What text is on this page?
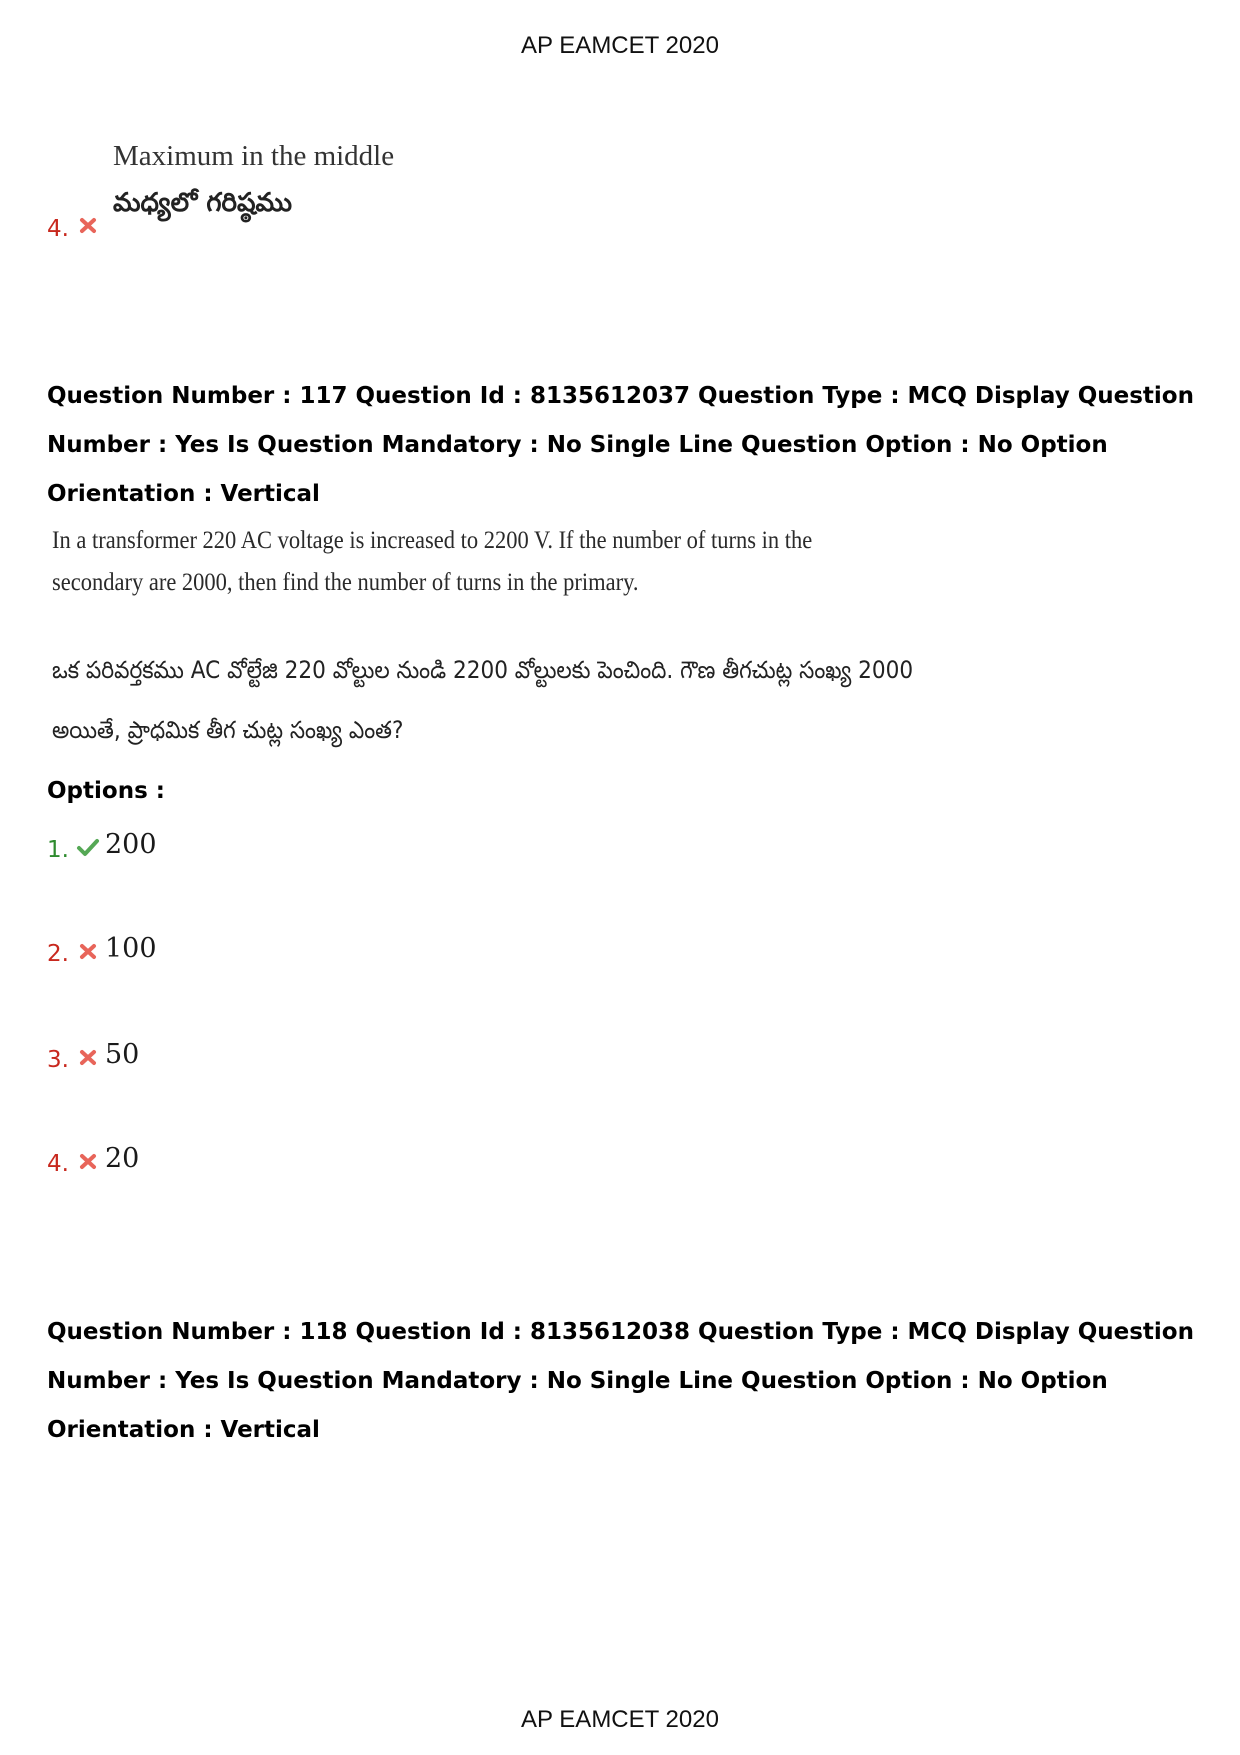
AP EAMCET 2020
4.
Maximum in the middle
మధ్యలో గరిష్ఠము
Question Number : 117 Question Id : 8135612037 Question Type : MCQ Display Question Number : Yes Is Question Mandatory : No Single Line Question Option : No Option Orientation : Vertical
In a transformer 220 AC voltage is increased to 2200 V. If the number of turns in the secondary are 2000, then find the number of turns in the primary.
ఒక పరివర్తకము AC వోల్టేజి 220 వోల్టుల నుండి 2200 వోల్టులకు పెంచింది. గౌణ తీగచుట్ల సంఖ్య 2000 అయితే, ప్రాధమిక తీగ చుట్ల సంఖ్య ఎంత?
Options :
1. 200
2. 100
3. 50
4. 20
Question Number : 118 Question Id : 8135612038 Question Type : MCQ Display Question Number : Yes Is Question Mandatory : No Single Line Question Option : No Option Orientation : Vertical
AP EAMCET 2020
